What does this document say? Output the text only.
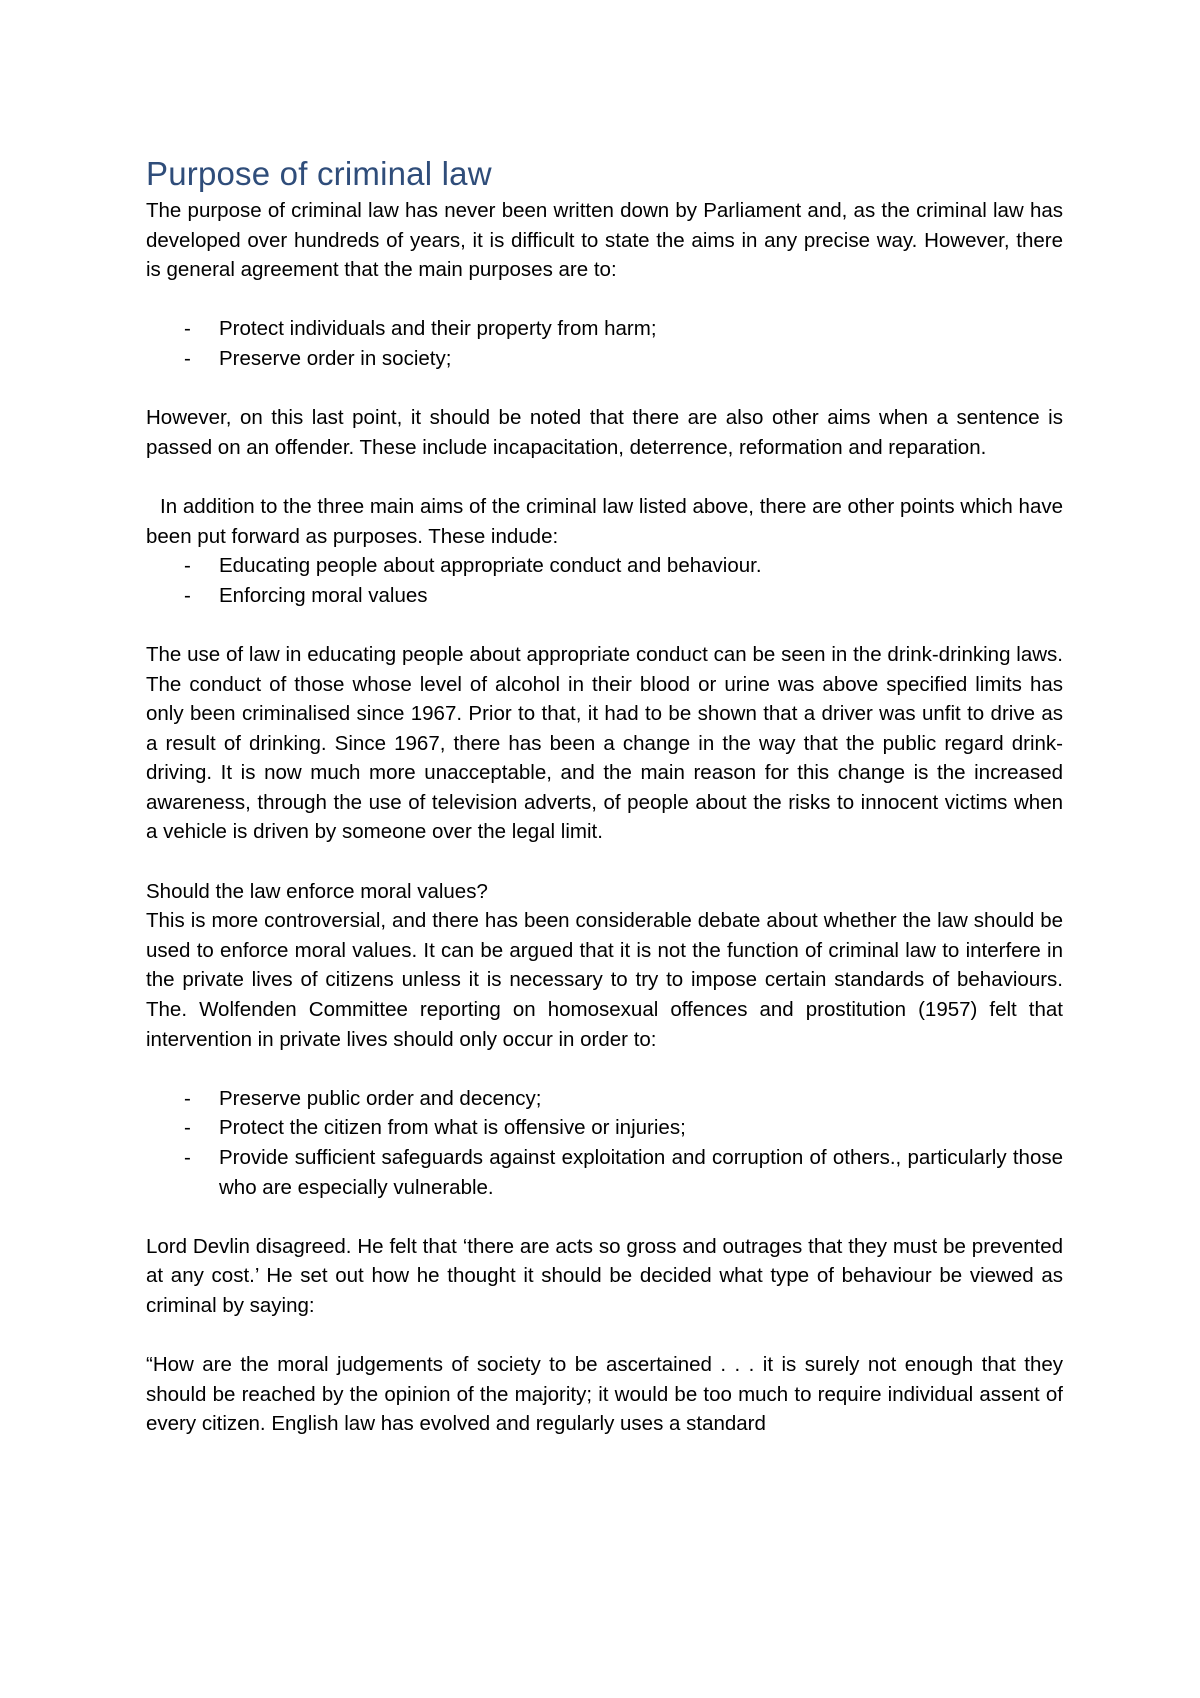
Purpose of criminal law

The purpose of criminal law has never been written down by Parliament and, as the criminal law has developed over hundreds of years, it is difficult to state the aims in any precise way. However, there is general agreement that the main purposes are to:

- Protect individuals and their property from harm;
- Preserve order in society;

However, on this last point, it should be noted that there are also other aims when a sentence is passed on an offender. These include incapacitation, deterrence, reformation and reparation.

In addition to the three main aims of the criminal law listed above, there are other points which have been put forward as purposes. These indude:

- Educating people about appropriate conduct and behaviour.
- Enforcing moral values

The use of law in educating people about appropriate conduct can be seen in the drink-drinking laws. The conduct of those whose level of alcohol in their blood or urine was above specified limits has only been criminalised since 1967. Prior to that, it had to be shown that a driver was unfit to drive as a result of drinking. Since 1967, there has been a change in the way that the public regard drink-driving. It is now much more unacceptable, and the main reason for this change is the increased awareness, through the use of television adverts, of people about the risks to innocent victims when a vehicle is driven by someone over the legal limit.

Should the law enforce moral values?

This is more controversial, and there has been considerable debate about whether the law should be used to enforce moral values. It can be argued that it is not the function of criminal law to interfere in the private lives of citizens unless it is necessary to try to impose certain standards of behaviours. The. Wolfenden Committee reporting on homosexual offences and prostitution (1957) felt that intervention in private lives should only occur in order to:

- Preserve public order and decency;
- Protect the citizen from what is offensive or injuries;
- Provide sufficient safeguards against exploitation and corruption of others., particularly those who are especially vulnerable.

Lord Devlin disagreed. He felt that ‘there are acts so gross and outrages that they must be prevented at any cost.’ He set out how he thought it should be decided what type of behaviour be viewed as criminal by saying:

“How are the moral judgements of society to be ascertained . . . it is surely not enough that they should be reached by the opinion of the majority; it would be too much to require individual assent of every citizen. English law has evolved and regularly uses a standard
